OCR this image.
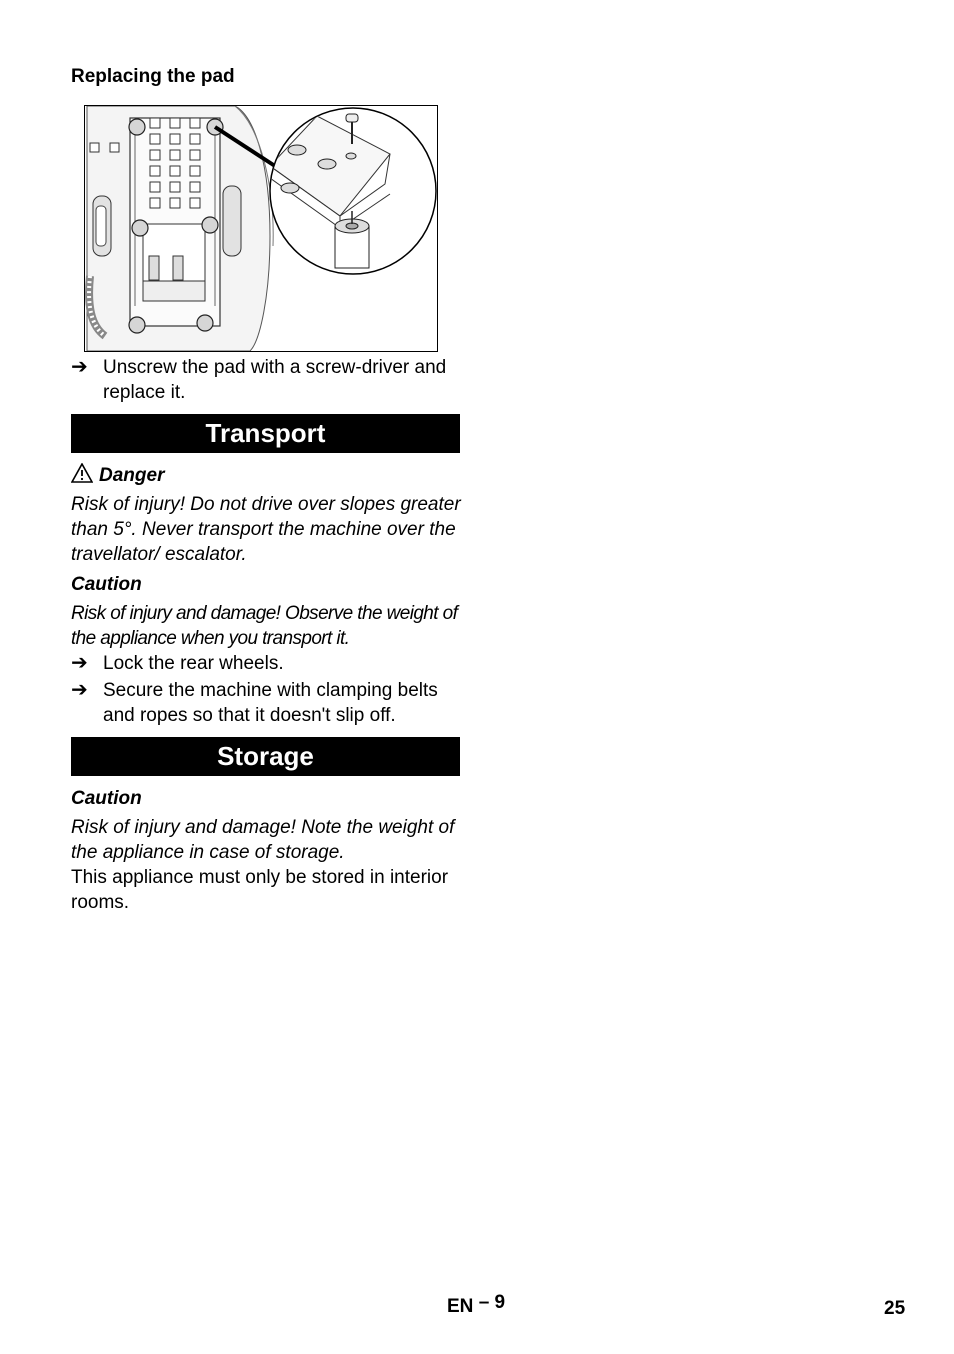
Replacing the pad

➔ Unscrew the pad with a screw-driver and replace it.

Transport

Danger

Risk of injury! Do not drive over slopes greater than 5°. Never transport the machine over the travellator/ escalator.

Caution

Risk of injury and damage! Observe the weight of the appliance when you transport it.

➔ Lock the rear wheels.

➔ Secure the machine with clamping belts and ropes so that it doesn't slip off.

Storage

Caution

Risk of injury and damage! Note the weight of the appliance in case of storage.

This appliance must only be stored in interior rooms.

EN – 9	25
